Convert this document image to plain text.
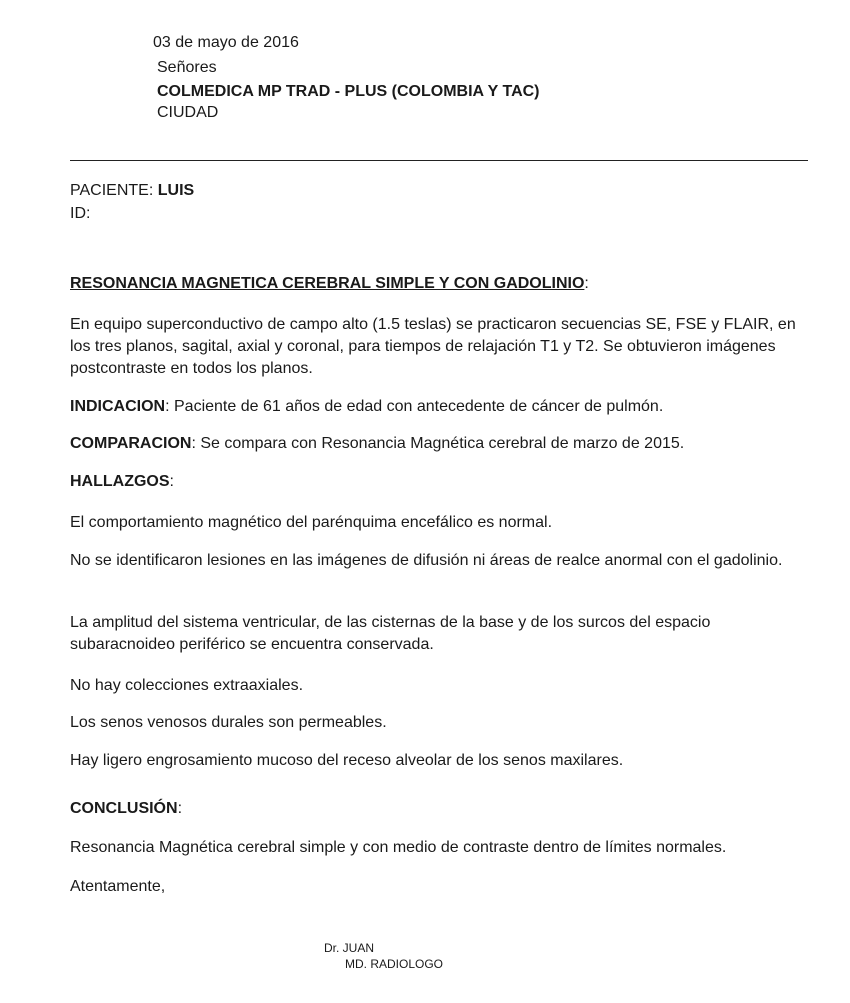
03 de mayo de 2016
Señores
COLMEDICA MP TRAD - PLUS (COLOMBIA Y TAC)
CIUDAD
PACIENTE: LUIS
ID:
RESONANCIA MAGNETICA CEREBRAL SIMPLE Y CON GADOLINIO:
En equipo superconductivo de campo alto (1.5 teslas) se practicaron secuencias SE, FSE y FLAIR, en los tres planos, sagital, axial y coronal, para tiempos de relajación T1 y T2. Se obtuvieron imágenes postcontraste en todos los planos.
INDICACION: Paciente de 61 años de edad con antecedente de cáncer de pulmón.
COMPARACION: Se compara con Resonancia Magnética cerebral de marzo de 2015.
HALLAZGOS:
El comportamiento magnético del parénquima encefálico es normal.
No se identificaron lesiones en las imágenes de difusión ni áreas de realce anormal con el gadolinio.
La amplitud del sistema ventricular, de las cisternas de la base y de los surcos del espacio subaracnoideo periférico se encuentra conservada.
No hay colecciones extraaxiales.
Los senos venosos durales son permeables.
Hay ligero engrosamiento mucoso del receso alveolar de los senos maxilares.
CONCLUSIÓN:
Resonancia Magnética cerebral simple y con medio de contraste dentro de límites normales.
Atentamente,
Dr. JUAN
MD. RADIOLOGO
